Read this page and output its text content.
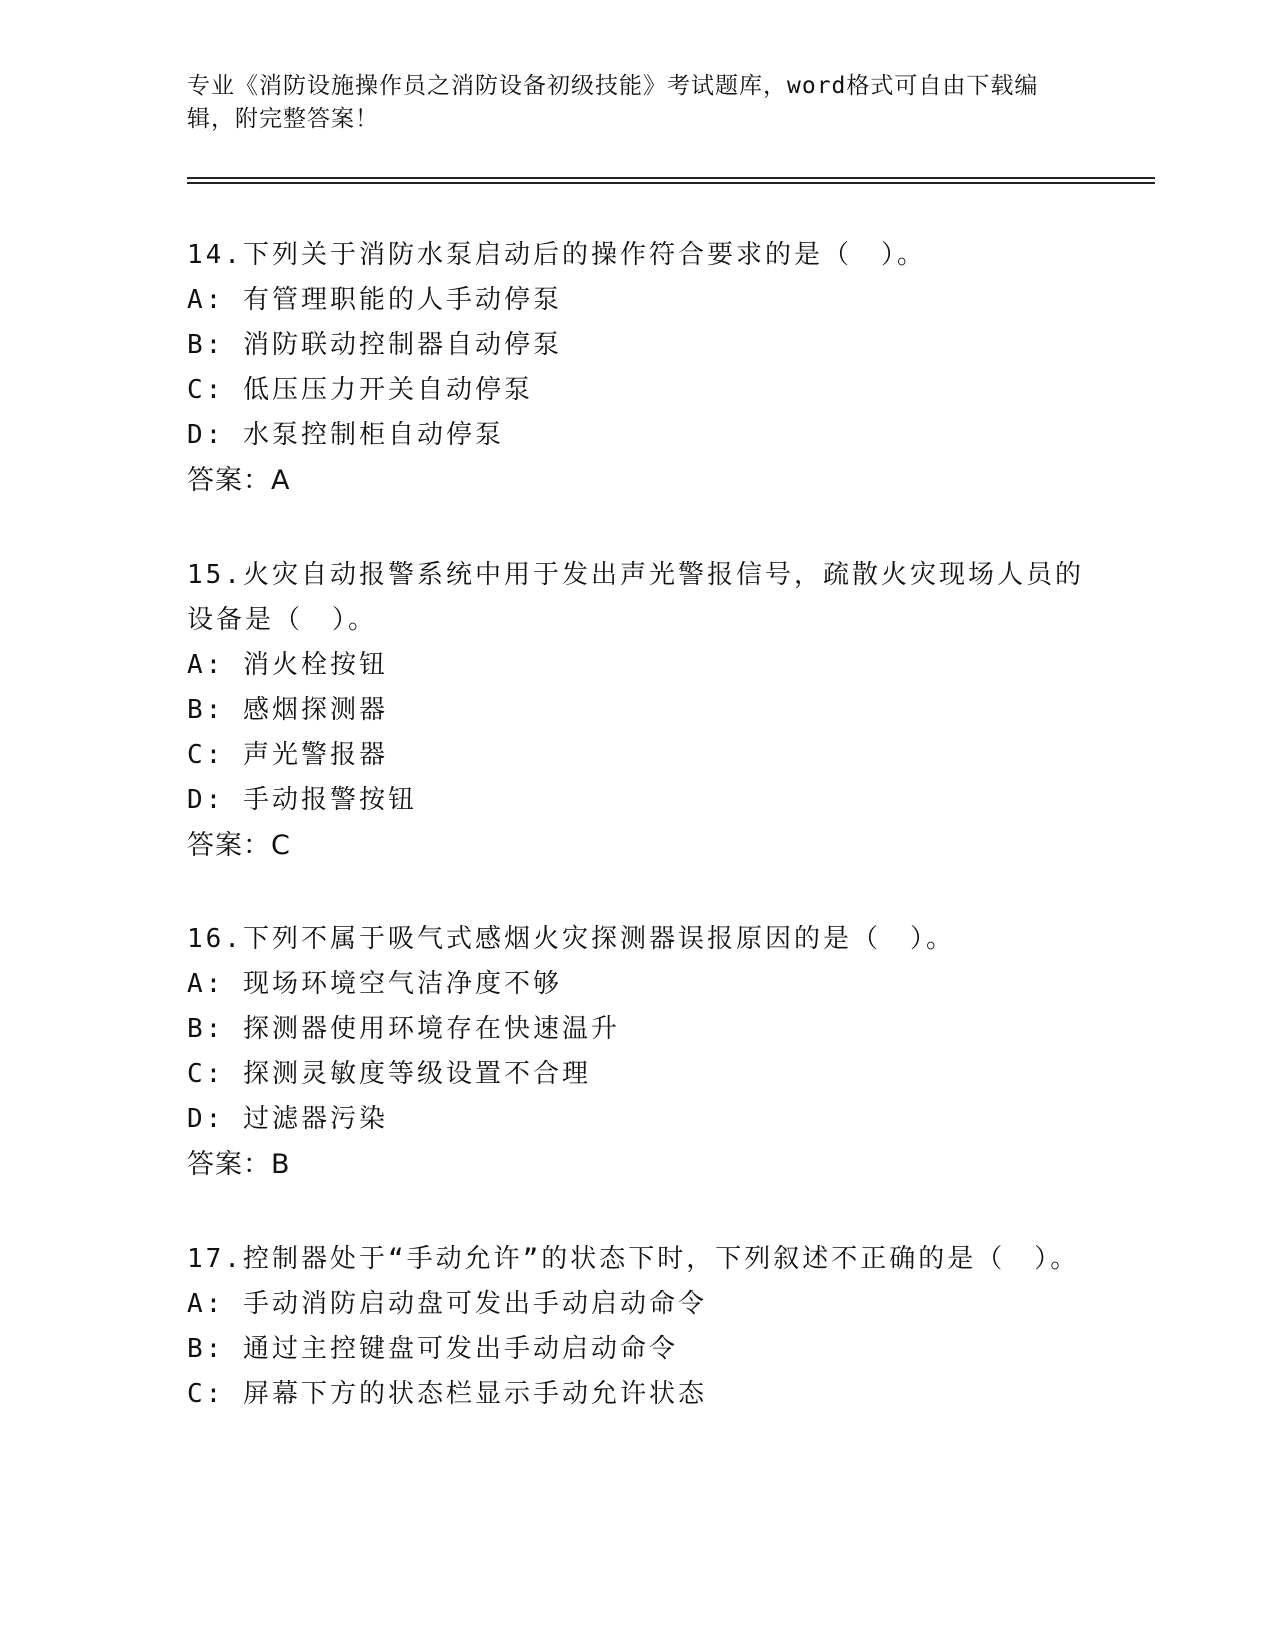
专业《消防设施操作员之消防设备初级技能》考试题库，word格式可自由下载编辑，附完整答案！

14.下列关于消防水泵启动后的操作符合要求的是（　）。

A: 有管理职能的人手动停泵

B: 消防联动控制器自动停泵

C: 低压压力开关自动停泵

D: 水泵控制柜自动停泵

答案：A

15.火灾自动报警系统中用于发出声光警报信号，疏散火灾现场人员的设备是（　）。

A: 消火栓按钮

B: 感烟探测器

C: 声光警报器

D: 手动报警按钮

答案：C

16.下列不属于吸气式感烟火灾探测器误报原因的是（　）。

A: 现场环境空气洁净度不够

B: 探测器使用环境存在快速温升

C: 探测灵敏度等级设置不合理

D: 过滤器污染

答案：B

17.控制器处于“手动允许”的状态下时，下列叙述不正确的是（　）。

A: 手动消防启动盘可发出手动启动命令

B: 通过主控键盘可发出手动启动命令

C: 屏幕下方的状态栏显示手动允许状态
